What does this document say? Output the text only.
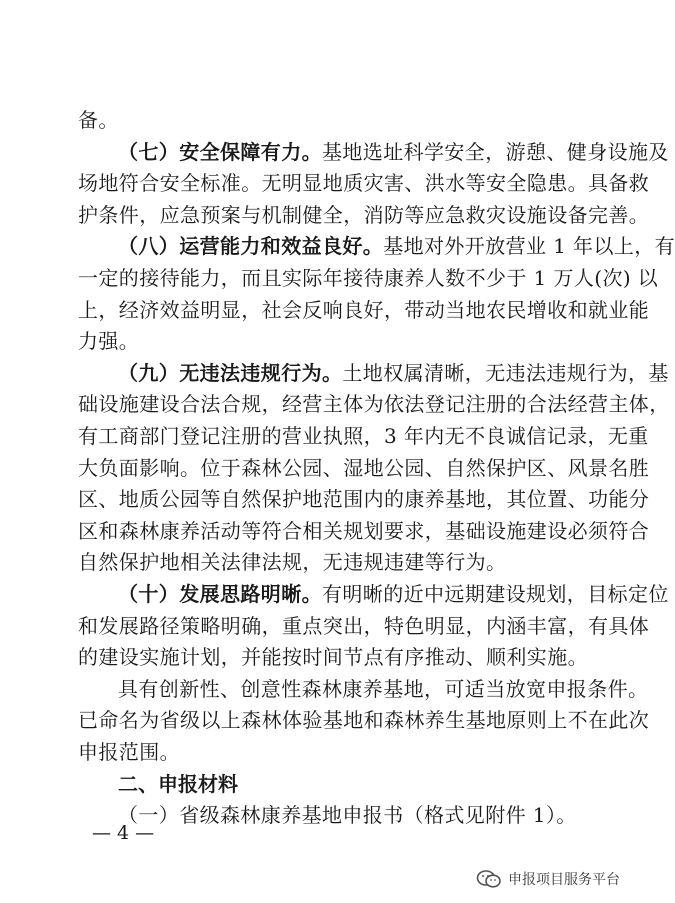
备。
（七）安全保障有力。基地选址科学安全，游憩、健身设施及
场地符合安全标准。无明显地质灾害、洪水等安全隐患。具备救
护条件，应急预案与机制健全，消防等应急救灾设施设备完善。
（八）运营能力和效益良好。基地对外开放营业 1 年以上，有
一定的接待能力，而且实际年接待康养人数不少于 1 万人(次) 以
上，经济效益明显，社会反响良好，带动当地农民增收和就业能
力强。
（九）无违法违规行为。土地权属清晰，无违法违规行为，基
础设施建设合法合规，经营主体为依法登记注册的合法经营主体，
有工商部门登记注册的营业执照，3 年内无不良诚信记录，无重
大负面影响。位于森林公园、湿地公园、自然保护区、风景名胜
区、地质公园等自然保护地范围内的康养基地，其位置、功能分
区和森林康养活动等符合相关规划要求，基础设施建设必须符合
自然保护地相关法律法规，无违规违建等行为。
（十）发展思路明晰。有明晰的近中远期建设规划，目标定位
和发展路径策略明确，重点突出，特色明显，内涵丰富，有具体
的建设实施计划，并能按时间节点有序推动、顺利实施。
具有创新性、创意性森林康养基地，可适当放宽申报条件。
已命名为省级以上森林体验基地和森林养生基地原则上不在此次
申报范围。
二、申报材料
（一）省级森林康养基地申报书（格式见附件 1）。
— 4 —
申报项目服务平台
